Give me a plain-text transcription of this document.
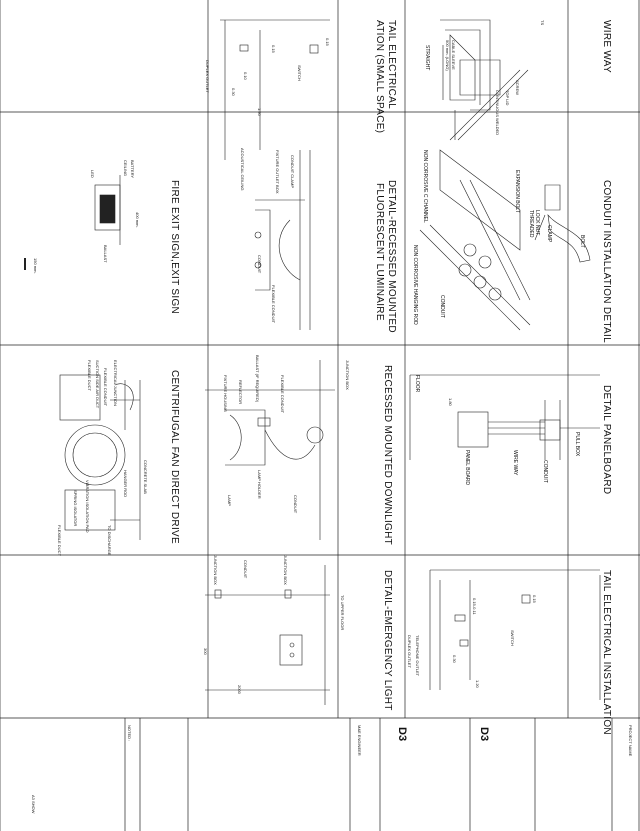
WIRE WAY
CONDUIT INSTALLATION DETAIL
DETAIL PANELBOARD
TAIL ELECTRICAL INSTALLATION
TAIL ELECTRICAL
ATION (SMALL SPACE)
DETAIL-RECESSED MOUNTED
FLUORESCENT LUMINAIRE
RECESSED MOUNTED DOWNLIGHT
DETAIL-EMERGENCY LIGHT
FIRE EXIT SIGN,EXIT SIGN
CENTRIFUGAL FAN DIRECT DRIVE
STRAIGHT
SCREW
TOP LID
CONTINUOUS WELDED
CABLE SLEEVE
500 mm. (LONG)
TS
EXPANSION BOLT
LOCK NUT
THREADED CLAMP	BOLT
NON CORROSIVE C CHANNEL
NON CORROSIVE HANGING ROD	CONDUIT
PULL BOX
CONDUIT
WIRE WAY
PANEL BOARD
FLOOR
1.80
SWITCH
DUPLEX OUTLET TELEPHONE OUTLET
0.15
0.15-0.11
0.30
1.20
SWITCH
DUPLEX OUTLET
0.15
0.15
0.10
0.30
1.20
CONDUIT CLAMP
FIXTURE OUTLET BOX
ACOUSTICAL CEILING
CONDUIT
FLEXIBLE CONDUIT
JUNCTION BOX
FLEXIBLE CONDUIT
BALLAST (IF REQUIRED)
REFLECTOR
FIXTURE HOUSING
LAMP HOLDER
LAMP	CONDUIT
TO UPPER FLOOR
JUNCTION BOX
JUNCTION BOX	CONDUIT
300
2000
BATTERY
CEILING
LED
BALLAST
400 mm.
150 mm.
CONCRETE SLAB
ELECTRICAL JUNCTION
FLEXIBLE CONDUIT
SUCTION SIDE AIR DUCT
FLEXIBLE DUCT
HANGER ROD
VIBRATION ISOLATION PAD
SPRING ISOLATOR
TO DISCHARGE
FLEXIBLE DUCT
PROJECT NAME
M&E ENGINEER
NOTED :	D3
D3
A3 SHOW
